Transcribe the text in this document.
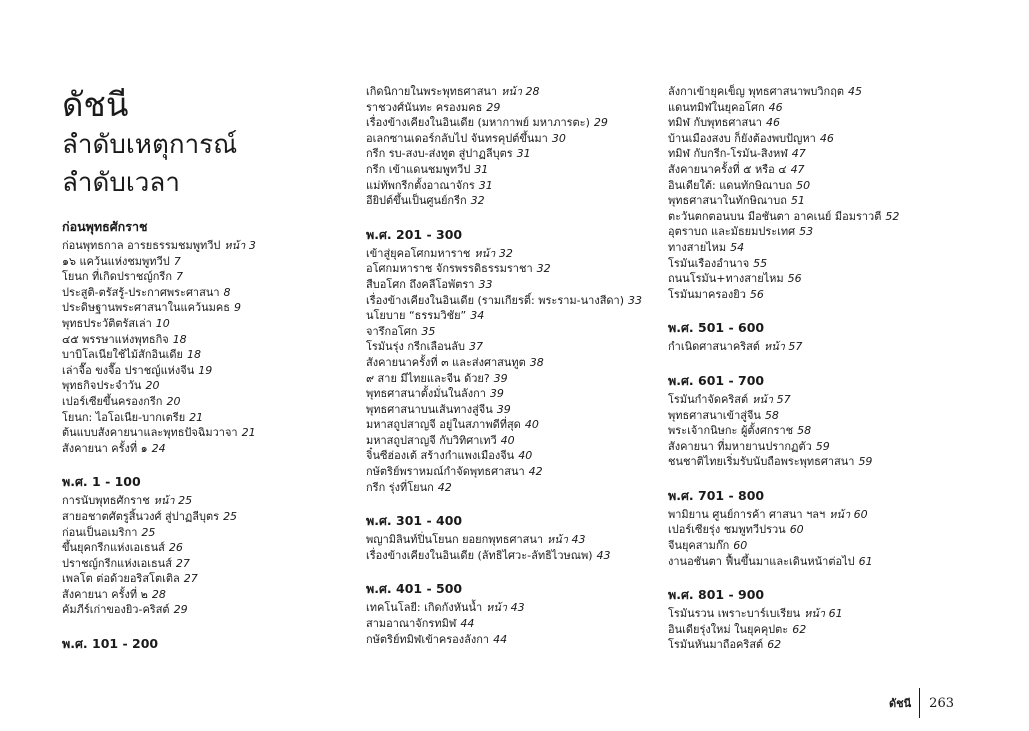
ดัชนี
ลำดับเหตุการณ์
ลำดับเวลา
ก่อนพุทธศักราช
ก่อนพุทธกาล อารยธรรมชมพูทวีป หน้า 3
๑๖ แคว้นแห่งชมพูทวีป 7
โยนก ที่เกิดปราชญ์กรีก 7
ประสูติ-ตรัสรู้-ประกาศพระศาสนา 8
ประดิษฐานพระศาสนาในแคว้นมคธ 9
พุทธประวัติตรัสเล่า 10
๔๕ พรรษาแห่งพุทธกิจ 18
บาบิโลเนียใช้ไม้สักอินเดีย 18
เล่าจื๊อ ขงจื๊อ ปราชญ์แห่งจีน 19
พุทธกิจประจำวัน 20
เปอร์เซียขึ้นครองกรีก 20
โยนก: ไอโอเนีย-บากเตรีย 21
ต้นแบบสังคายนาและพุทธปัจฉิมวาจา 21
สังคายนา ครั้งที่ ๑ 24
พ.ศ. 1 - 100
การนับพุทธศักราช หน้า 25
สายอชาตศัตรูสิ้นวงศ์ สู่ปาฏลีบุตร 25
ก่อนเป็นอเมริกา 25
ขึ้นยุคกรีกแห่งเอเธนส์ 26
ปราชญ์กรีกแห่งเอเธนส์ 27
เพลโต ต่อด้วยอริสโตเติล 27
สังคายนา ครั้งที่ ๒ 28
คัมภีร์เก่าของยิว-คริสต์ 29
พ.ศ. 101 - 200
เกิดนิกายในพระพุทธศาสนา หน้า 28
ราชวงศ์นันทะ ครองมคธ 29
เรื่องข้างเคียงในอินเดีย (มหากาพย์ มหาภารตะ) 29
อเลกซานเดอร์กลับไป จันทรคุปต์ขึ้นมา 30
กรีก รบ-สงบ-ส่งทูต สู่ปาฏลีบุตร 31
กรีก เข้าแดนชมพูทวีป 31
แม่ทัพกรีกตั้งอาณาจักร 31
อียิปต์ขึ้นเป็นศูนย์กรีก 32
พ.ศ. 201 - 300
เข้าสู่ยุคอโศกมหาราช หน้า 32
อโศกมหาราช จักรพรรดิธรรมราชา 32
สืบอโศก ถึงคลีโอพัตรา 33
เรื่องข้างเคียงในอินเดีย (รามเกียรติ์: พระราม-นางสีดา) 33
นโยบาย “ธรรมวิชัย” 34
จารึกอโศก 35
โรมันรุ่ง กรีกเลือนลับ 37
สังคายนาครั้งที่ ๓ และส่งศาสนทูต 38
๙ สาย มีไทยและจีน ด้วย? 39
พุทธศาสนาตั้งมั่นในลังกา 39
พุทธศาสนาบนเส้นทางสู่จีน 39
มหาสถูปสาญจี อยู่ในสภาพดีที่สุด 40
มหาสถูปสาญจี กับวิทิศาเทวี 40
จิ๋นซีฮ่องเต้ สร้างกำแพงเมืองจีน 40
กษัตริย์พราหมณ์กำจัดพุทธศาสนา 42
กรีก รุ่งที่โยนก 42
พ.ศ. 301 - 400
พญามิลินท์ปิ่นโยนก ยอยกพุทธศาสนา หน้า 43
เรื่องข้างเคียงในอินเดีย (ลัทธิไศวะ-ลัทธิไวษณพ) 43
พ.ศ. 401 - 500
เทคโนโลยี: เกิดกังหันน้ำ หน้า 43
สามอาณาจักรทมิฬ 44
กษัตริย์ทมิฬเข้าครองลังกา 44
ลังกาเข้ายุคเข็ญ พุทธศาสนาพบวิกฤต 45
แดนทมิฬในยุคอโศก 46
ทมิฬ กับพุทธศาสนา 46
บ้านเมืองสงบ ก็ยังต้องพบปัญหา 46
ทมิฬ กับกรีก-โรมัน-สิงหฬ 47
สังคายนาครั้งที่ ๕ หรือ ๔ 47
อินเดียใต้: แดนทักษิณาบถ 50
พุทธศาสนาในทักษิณาบถ 51
ตะวันตกตอนบน มีอชันตา อาคเนย์ มีอมราวตี 52
อุตราบถ และมัธยมประเทศ 53
ทางสายไหม 54
โรมันเรืองอำนาจ 55
ถนนโรมัน+ทางสายไหม 56
โรมันมาครองยิว 56
พ.ศ. 501 - 600
กำเนิดศาสนาคริสต์ หน้า 57
พ.ศ. 601 - 700
โรมันกำจัดคริสต์ หน้า 57
พุทธศาสนาเข้าสู่จีน 58
พระเจ้ากนิษกะ ผู้ตั้งศกราช 58
สังคายนา ที่มหายานปรากฏตัว 59
ชนชาติไทยเริ่มรับนับถือพระพุทธศาสนา 59
พ.ศ. 701 - 800
พามิยาน ศูนย์การค้า ศาสนา ฯลฯ หน้า 60
เปอร์เซียรุ่ง ชมพูทวีปรวน 60
จีนยุคสามก๊ก 60
งานอชันตา ฟื้นขึ้นมาและเดินหน้าต่อไป 61
พ.ศ. 801 - 900
โรมันรวน เพราะบาร์เบเรียน หน้า 61
อินเดียรุ่งใหม่ ในยุคคุปตะ 62
โรมันหันมาถือคริสต์ 62
ดัชนี 263
